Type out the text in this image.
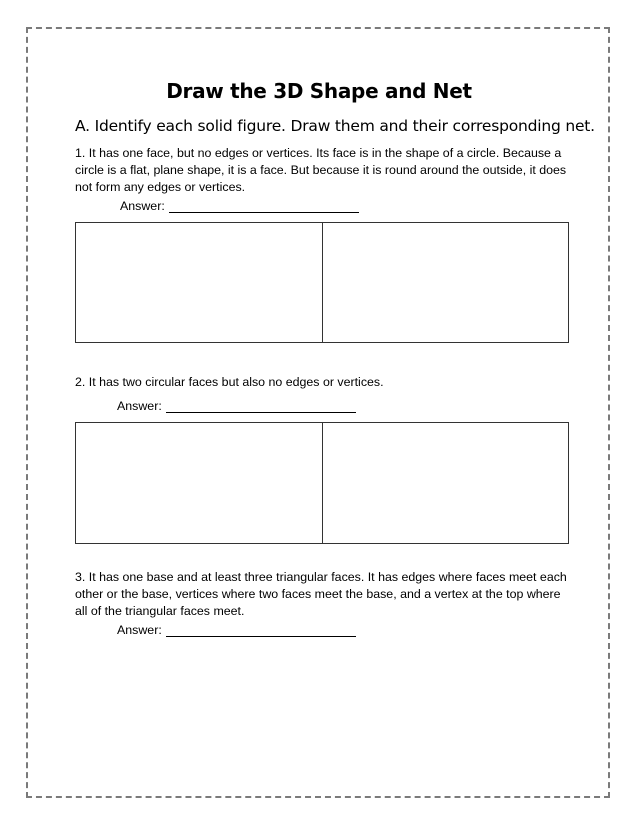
Draw the 3D Shape and Net
A. Identify each solid figure. Draw them and their corresponding net.
1. It has one face, but no edges or vertices. Its face is in the shape of a circle. Because a circle is a flat, plane shape, it is a face. But because it is round around the outside, it does not form any edges or vertices.
Answer:
2. It has two circular faces but also no edges or vertices.
Answer:
3. It has one base and at least three triangular faces. It has edges where faces meet each other or the base, vertices where two faces meet the base, and a vertex at the top where all of the triangular faces meet.
Answer:
